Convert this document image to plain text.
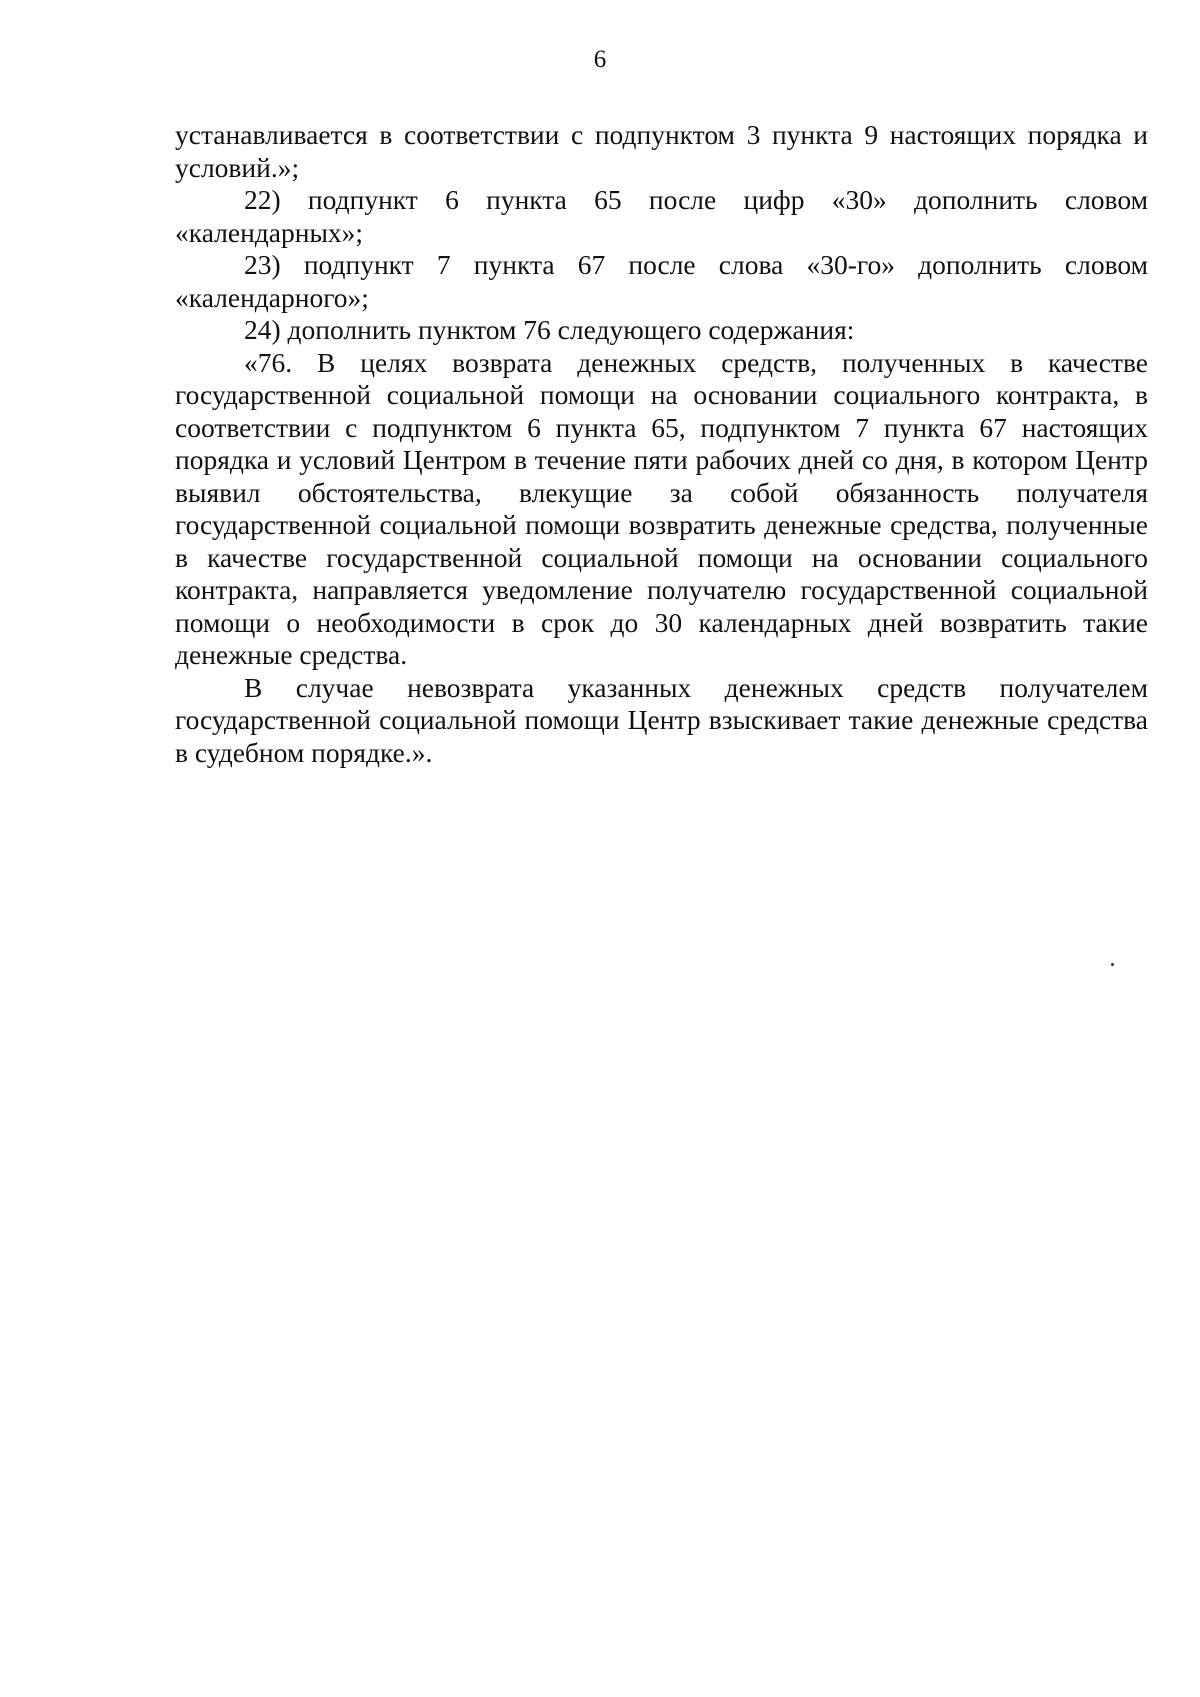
6

устанавливается в соответствии с подпунктом 3 пункта 9 настоящих порядка и условий.»;

22) подпункт 6 пункта 65 после цифр «30» дополнить словом «календарных»;

23) подпункт 7 пункта 67 после слова «30-го» дополнить словом «календарного»;

24) дополнить пунктом 76 следующего содержания:

«76. В целях возврата денежных средств, полученных в качестве государственной социальной помощи на основании социального контракта, в соответствии с подпунктом 6 пункта 65, подпунктом 7 пункта 67 настоящих порядка и условий Центром в течение пяти рабочих дней со дня, в котором Центр выявил обстоятельства, влекущие за собой обязанность получателя государственной социальной помощи возвратить денежные средства, полученные в качестве государственной социальной помощи на основании социального контракта, направляется уведомление получателю государственной социальной помощи о необходимости в срок до 30 календарных дней возвратить такие денежные средства.

В случае невозврата указанных денежных средств получателем государственной социальной помощи Центр взыскивает такие денежные средства в судебном порядке.».
